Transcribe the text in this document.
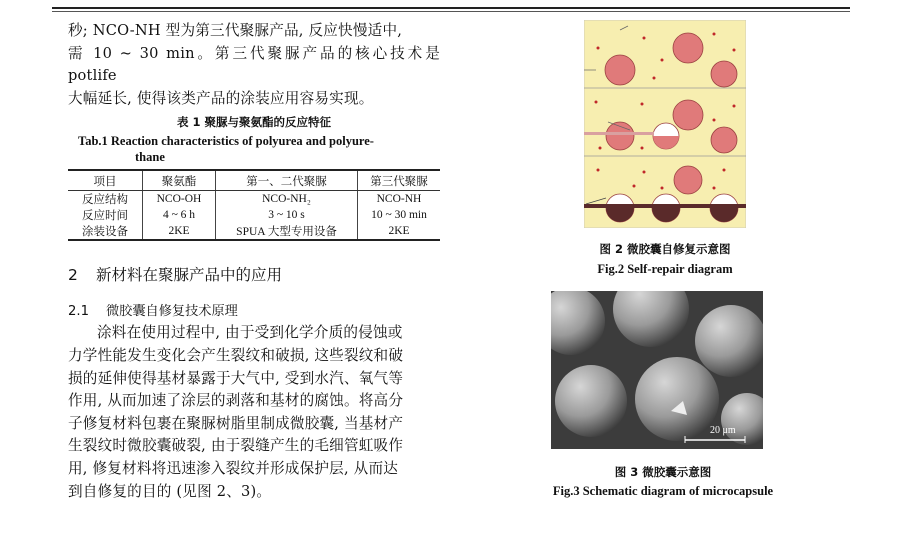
秒; NCO-NH 型为第三代聚脲产品, 反应快慢适中,
需 10 ~ 30 min。第三代聚脲产品的核心技术是 potlife
大幅延长, 使得该类产品的涂装应用容易实现。

表 1 聚脲与聚氨酯的反应特征
Tab.1 Reaction characteristics of polyurea and polyure-
thane
项目	聚氨酯	第一、二代聚脲	第三代聚脲
反应结构	NCO-OH	NCO-NH₂	NCO-NH
反应时间	4 ~ 6 h	3 ~ 10 s	10 ~ 30 min
涂装设备	2KE	SPUA 大型专用设备	2KE
2 新材料在聚脲产品中的应用
2.1 微胶囊自修复技术原理

涂料在使用过程中, 由于受到化学介质的侵蚀或
力学性能发生变化会产生裂纹和破损, 这些裂纹和破
损的延伸使得基材暴露于大气中, 受到水汽、氧气等
作用, 从而加速了涂层的剥落和基材的腐蚀。将高分
子修复材料包裹在聚脲树脂里制成微胶囊, 当基材产
生裂纹时微胶囊破裂, 由于裂缝产生的毛细管虹吸作
用, 修复材料将迅速渗入裂纹并形成保护层, 从而达
到自修复的目的 (见图 2、3)。

图 2 微胶囊自修复示意图
Fig.2 Self-repair diagram
20 μm
图 3 微胶囊示意图
Fig.3 Schematic diagram of microcapsule
